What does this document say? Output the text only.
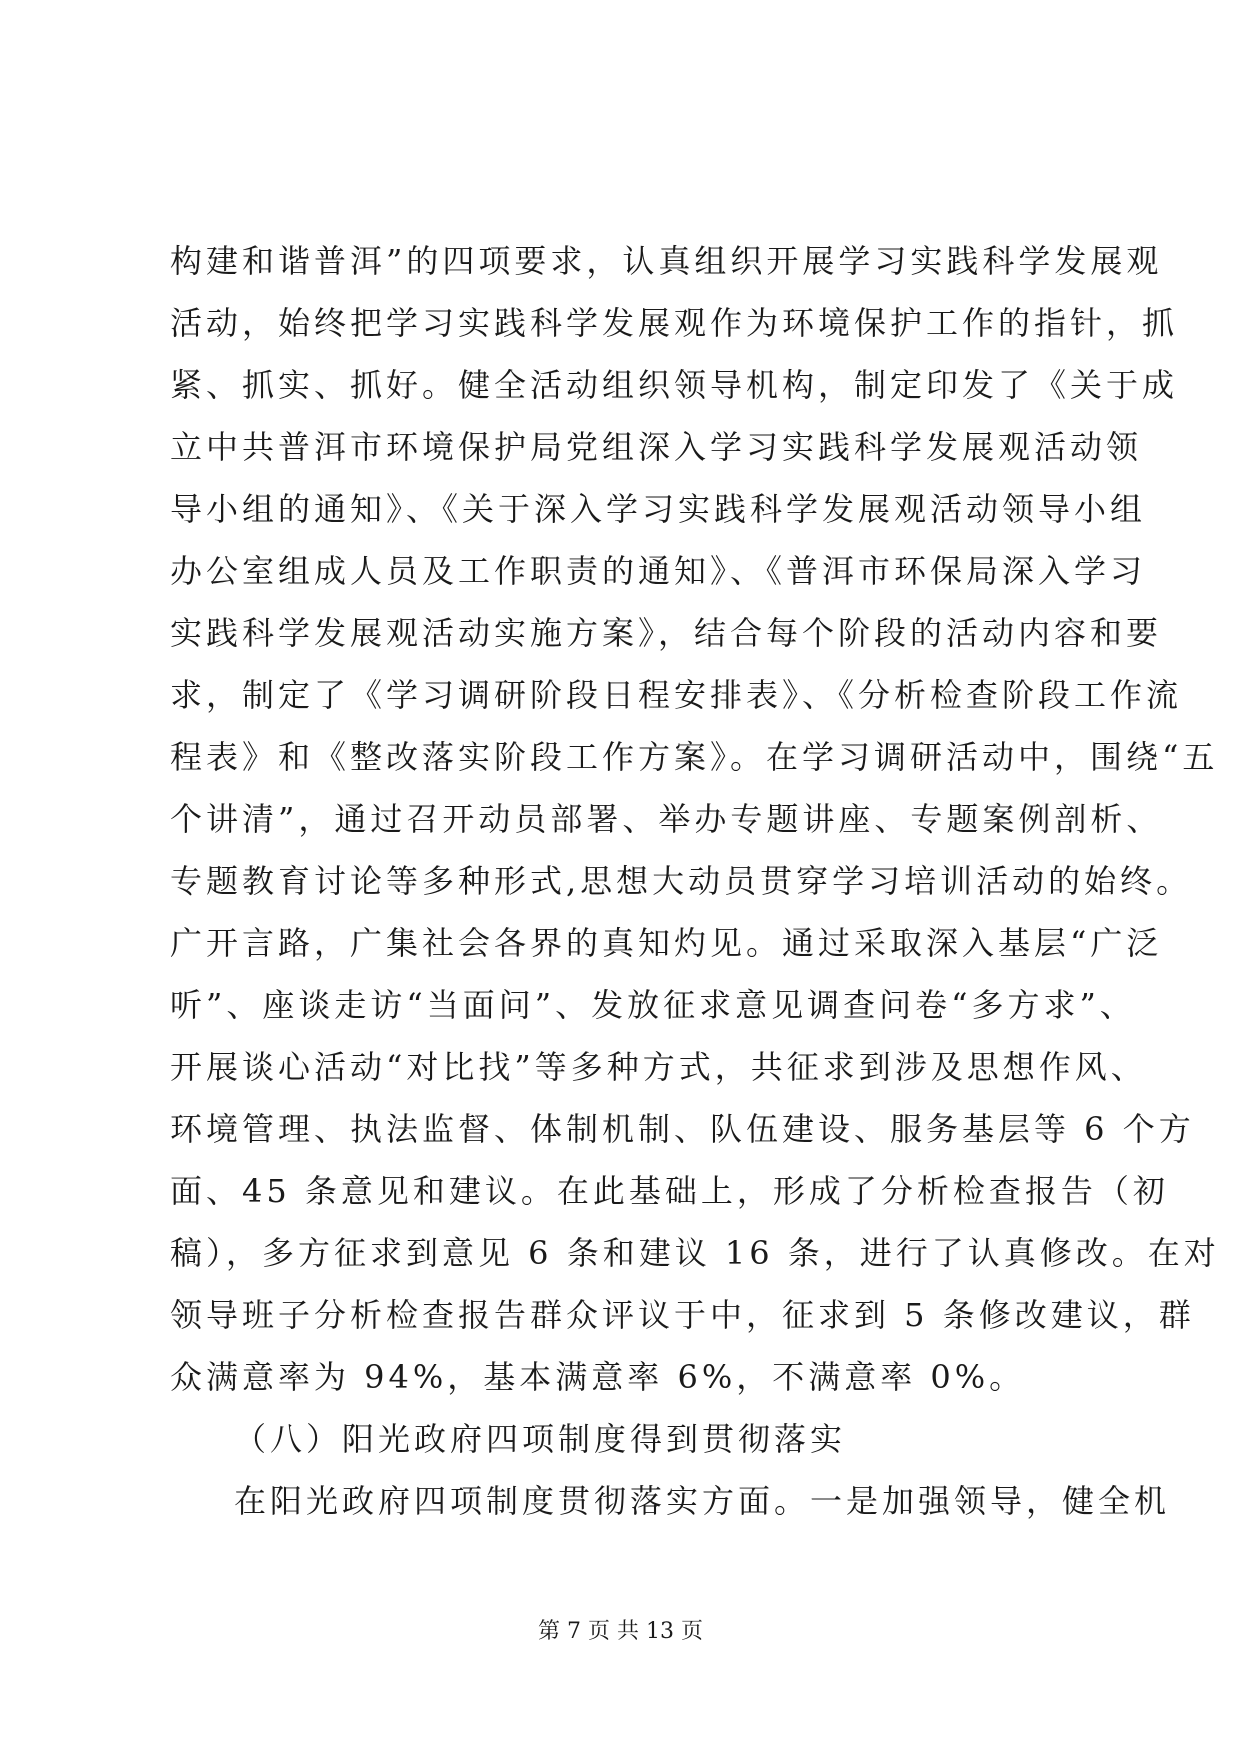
构建和谐普洱”的四项要求，认真组织开展学习实践科学发展观
活动，始终把学习实践科学发展观作为环境保护工作的指针，抓
紧、抓实、抓好。健全活动组织领导机构，制定印发了《关于成
立中共普洱市环境保护局党组深入学习实践科学发展观活动领
导小组的通知》、《关于深入学习实践科学发展观活动领导小组
办公室组成人员及工作职责的通知》、《普洱市环保局深入学习
实践科学发展观活动实施方案》，结合每个阶段的活动内容和要
求，制定了《学习调研阶段日程安排表》、《分析检查阶段工作流
程表》和《整改落实阶段工作方案》。在学习调研活动中，围绕“五
个讲清”，通过召开动员部署、举办专题讲座、专题案例剖析、
专题教育讨论等多种形式,思想大动员贯穿学习培训活动的始终。
广开言路，广集社会各界的真知灼见。通过采取深入基层“广泛
听”、座谈走访“当面问”、发放征求意见调查问卷“多方求”、
开展谈心活动“对比找”等多种方式，共征求到涉及思想作风、
环境管理、执法监督、体制机制、队伍建设、服务基层等 6 个方
面、45 条意见和建议。在此基础上，形成了分析检查报告（初
稿），多方征求到意见 6 条和建议 16 条，进行了认真修改。在对
领导班子分析检查报告群众评议于中，征求到 5 条修改建议，群
众满意率为 94%，基本满意率 6%，不满意率 0%。
（八）阳光政府四项制度得到贯彻落实
在阳光政府四项制度贯彻落实方面。一是加强领导，健全机
第 7 页 共 13 页
